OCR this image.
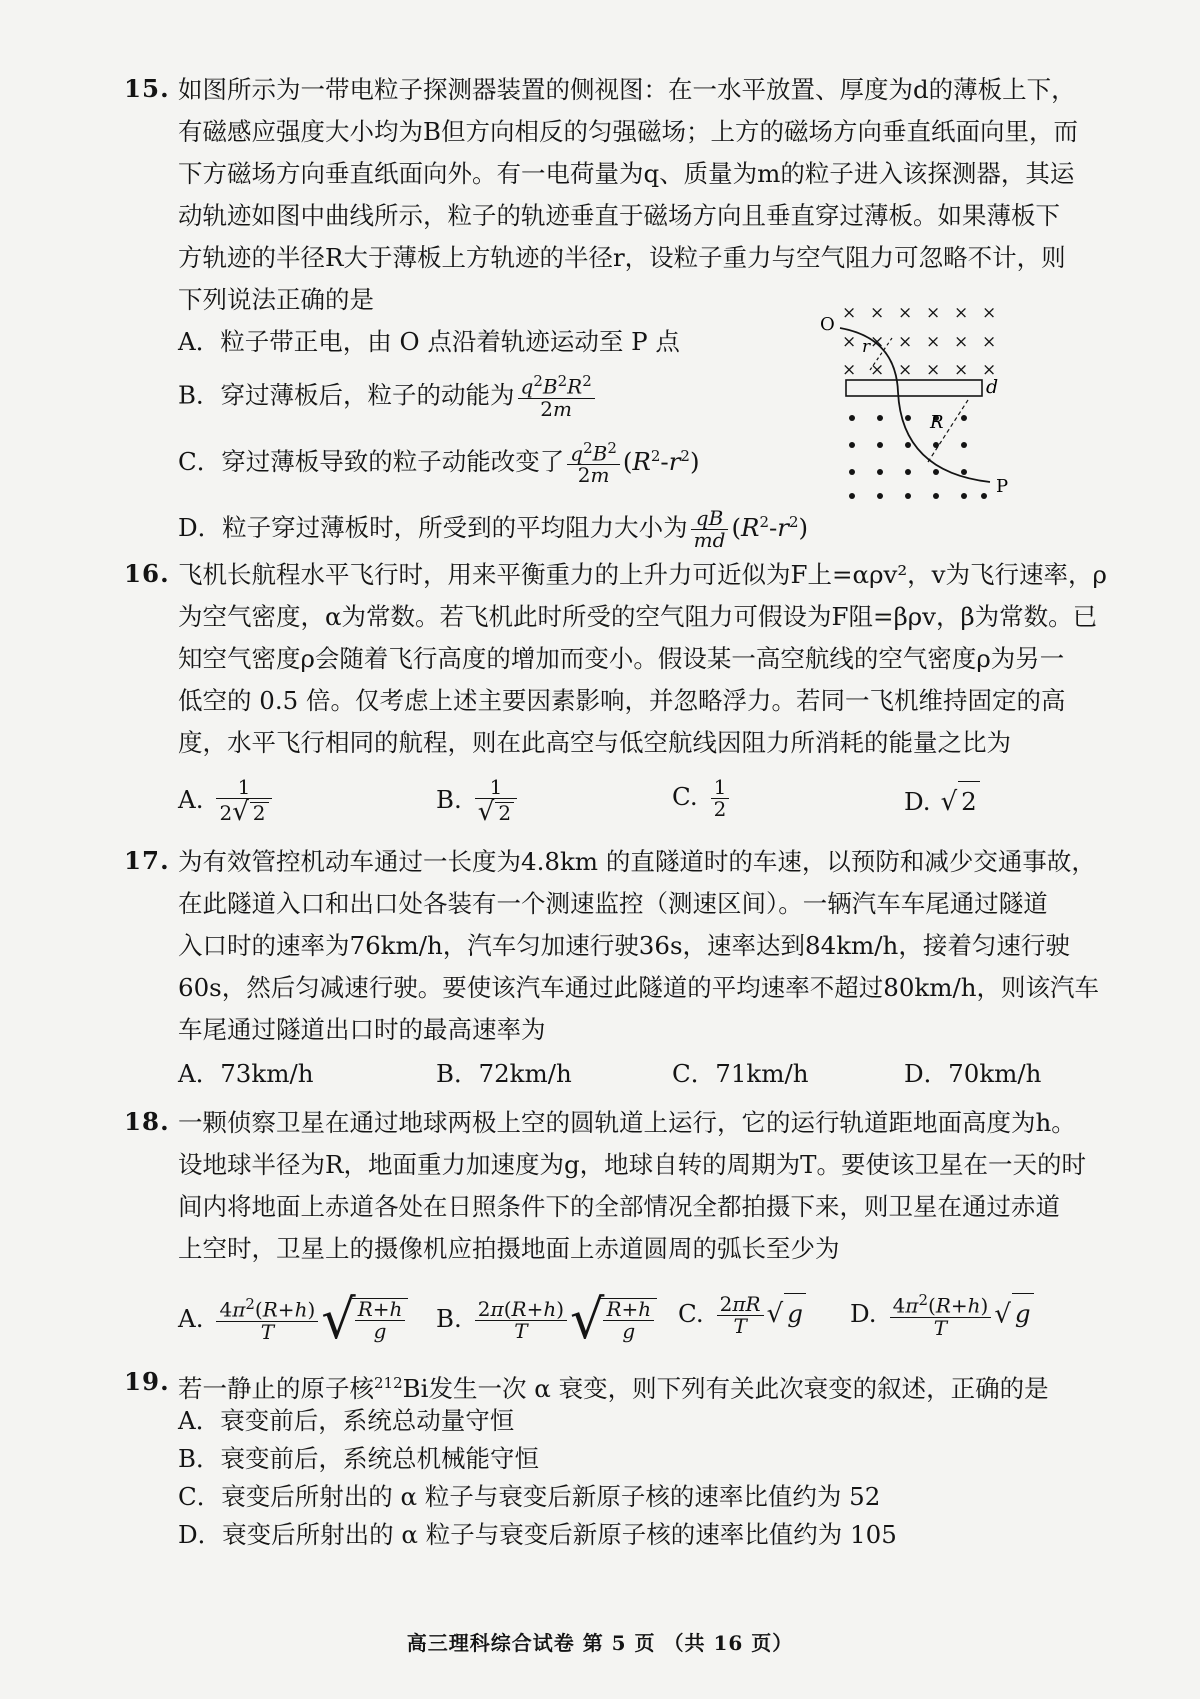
15. 如图所示为一带电粒子探测器装置的侧视图：在一水平放置、厚度为d的薄板上下，
有磁感应强度大小均为B但方向相反的匀强磁场；上方的磁场方向垂直纸面向里，而
下方磁场方向垂直纸面向外。有一电荷量为q、质量为m的粒子进入该探测器，其运
动轨迹如图中曲线所示，粒子的轨迹垂直于磁场方向且垂直穿过薄板。如果薄板下
方轨迹的半径R大于薄板上方轨迹的半径r，设粒子重力与空气阻力可忽略不计，则
下列说法正确的是
A．粒子带正电，由 O 点沿着轨迹运动至 P 点
B．穿过薄板后，粒子的动能为 $\frac{q^2B^2R^2}{2m}$
C．穿过薄板导致的粒子动能改变了 $\frac{q^2B^2}{2m} (R^2-r^2)$
D．粒子穿过薄板时，所受到的平均阻力大小为 $\frac{qB}{md} (R^2-r^2)$
× × × × × ×
× × × × × ×
× × × × × ×
O
r
d
R
P
16. 飞机长航程水平飞行时，用来平衡重力的上升力可近似为F上=αρv²，v为飞行速率，ρ
为空气密度，α为常数。若飞机此时所受的空气阻力可假设为F阻=βρv，β为常数。已
知空气密度ρ会随着飞行高度的增加而变小。假设某一高空航线的空气密度ρ为另一
低空的 0.5 倍。仅考虑上述主要因素影响，并忽略浮力。若同一飞机维持固定的高
度，水平飞行相同的航程，则在此高空与低空航线因阻力所消耗的能量之比为
A. $\frac{1}{2√ 2}$	B. $\frac{1}{√ 2}$	C. $\frac{1}{2}$	D. √ 2
17. 为有效管控机动车通过一长度为4.8km 的直隧道时的车速，以预防和减少交通事故，
在此隧道入口和出口处各装有一个测速监控（测速区间）。一辆汽车车尾通过隧道
入口时的速率为76km/h，汽车匀加速行驶36s，速率达到84km/h，接着匀速行驶
60s，然后匀减速行驶。要使该汽车通过此隧道的平均速率不超过80km/h，则该汽车
车尾通过隧道出口时的最高速率为
A．73km/h	B．72km/h	C．71km/h	D．70km/h
18. 一颗侦察卫星在通过地球两极上空的圆轨道上运行，它的运行轨道距地面高度为h。
设地球半径为R，地面重力加速度为g，地球自转的周期为T。要使该卫星在一天的时
间内将地面上赤道各处在日照条件下的全部情况全都拍摄下来，则卫星在通过赤道
上空时，卫星上的摄像机应拍摄地面上赤道圆周的弧长至少为
A. $\frac{4\pi^2(R+h)}{T}$ √ $\frac{R+h}{g} B$. $\frac{2\pi(R+h)}{T}$ √ $\frac{R+h}{g} C$. $\frac{2\pi R}{T}$ √ g D. $\frac{4\pi^2(R+h)}{T}$ √ g
19. 若一静止的原子核$^{212}$Bi发生一次 α 衰变，则下列有关此次衰变的叙述，正确的是
A．衰变前后，系统总动量守恒
B．衰变前后，系统总机械能守恒
C．衰变后所射出的 α 粒子与衰变后新原子核的速率比值约为 52
D．衰变后所射出的 α 粒子与衰变后新原子核的速率比值约为 105
高三理科综合试卷 第 5 页 （共 16 页）
